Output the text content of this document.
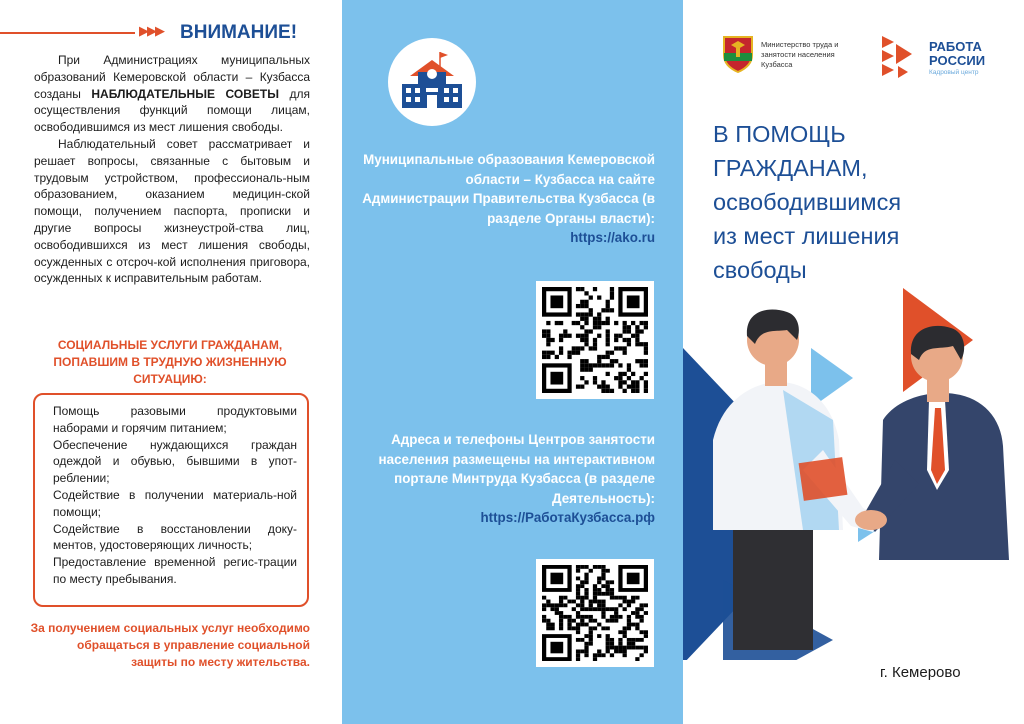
▶▶▶ ВНИМАНИЕ!

При Администрациях муниципальных образований Кемеровской области – Кузбасса созданы НАБЛЮДАТЕЛЬНЫЕ СОВЕТЫ для осуществления функций помощи лицам, освободившимся из мест лишения свободы.

Наблюдательный совет рассматривает и решает вопросы, связанные с бытовым и трудовым устройством, профессиональ-ным образованием, оказанием медицин-ской помощи, получением паспорта, прописки и другие вопросы жизнеустрой-ства лиц, освободившихся из мест лишения свободы, осужденных с отсроч-кой исполнения приговора, осужденных к исправительным работам.

СОЦИАЛЬНЫЕ УСЛУГИ ГРАЖДАНАМ, ПОПАВШИМ В ТРУДНУЮ ЖИЗНЕННУЮ СИТУАЦИЮ:
Помощь разовыми продуктовыми наборами и горячим питанием;
Обеспечение нуждающихся граждан одеждой и обувью, бывшими в упот-реблении;
Содействие в получении материаль-ной помощи;
Содействие в восстановлении доку-ментов, удостоверяющих личность;
Предоставление временной регис-трации по месту пребывания.
За получением социальных услуг необходимо обращаться в управление социальной защиты по месту жительства.
Муниципальные образования Кемеровской области – Кузбасса на сайте Администрации Правительства Кузбасса (в разделе Органы власти):
https://ako.ru
Адреса и телефоны Центров занятости населения размещены на интерактивном портале Минтруда Кузбасса (в разделе Деятельность):
https://РаботаКузбасса.рф
Министерство труда и занятости населения Кузбасса
РАБОТА
РОССИИ
Кадровый центр
В ПОМОЩЬ
ГРАЖДАНАМ,
освободившимся
из мест лишения
свободы
г. Кемерово
